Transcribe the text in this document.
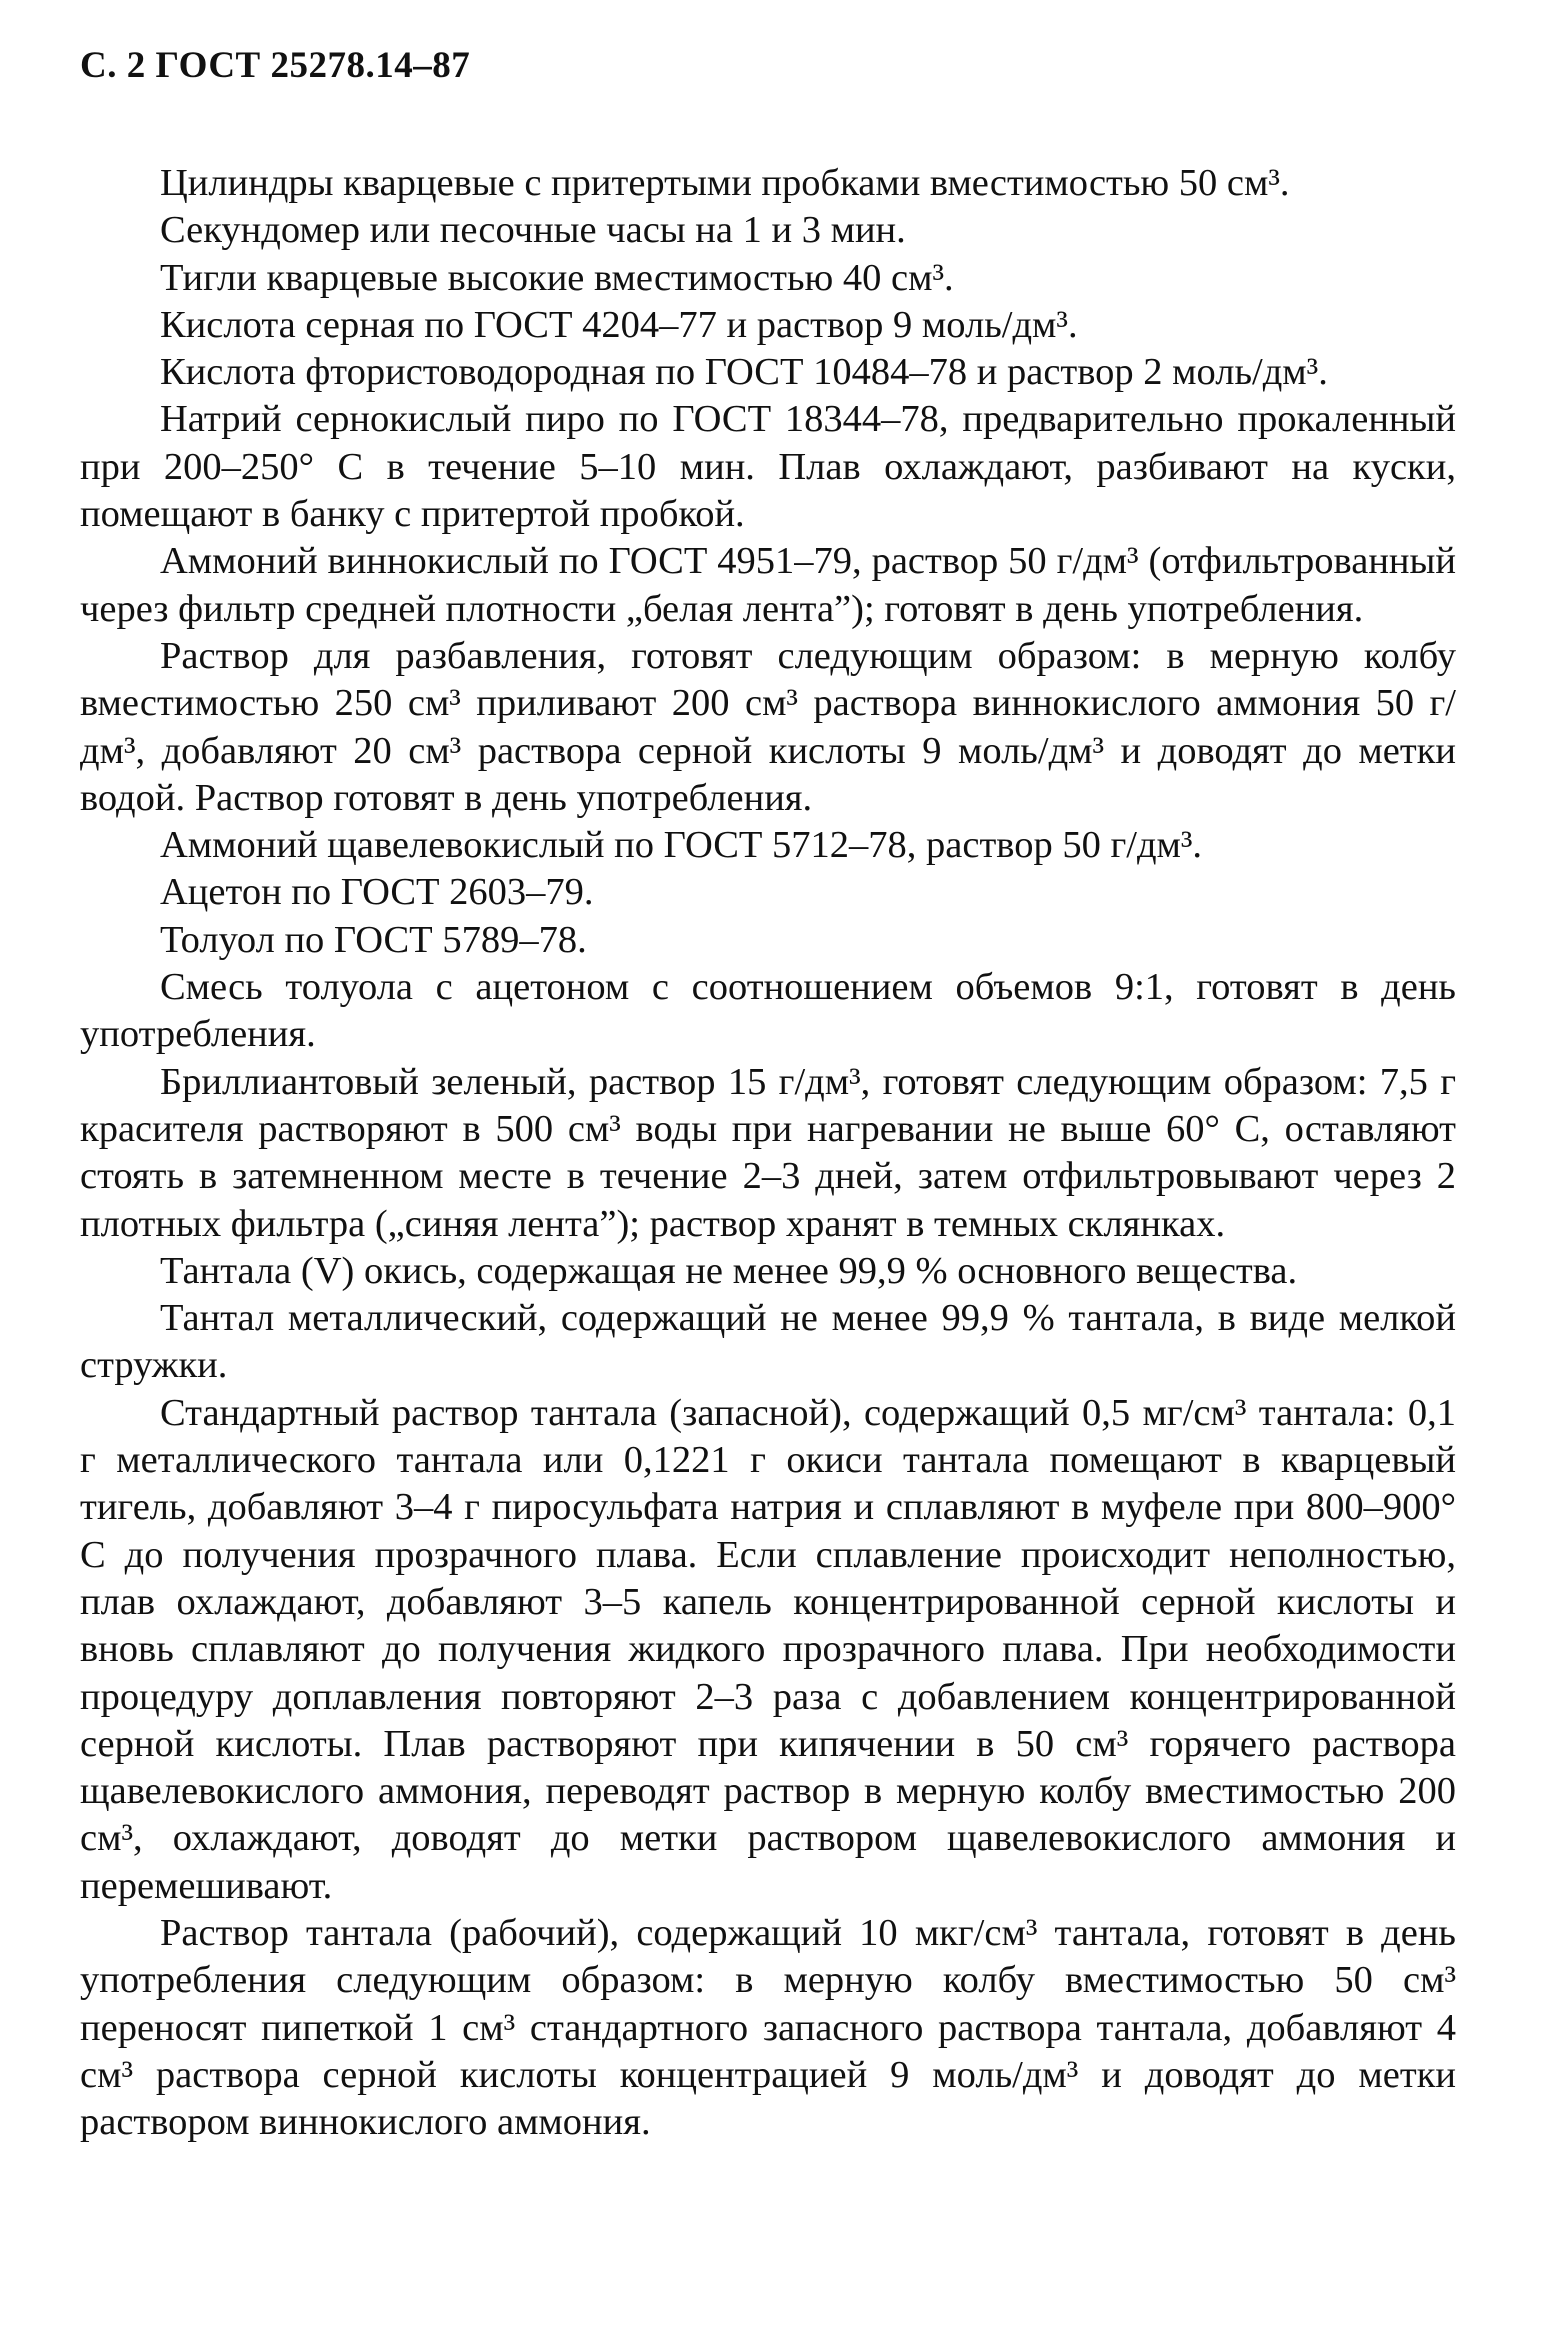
С. 2 ГОСТ 25278.14–87

Цилиндры кварцевые с притертыми пробками вместимостью 50 см³.

Секундомер или песочные часы на 1 и 3 мин.

Тигли кварцевые высокие вместимостью 40 см³.

Кислота серная по ГОСТ 4204–77 и раствор 9 моль/дм³.

Кислота фтористоводородная по ГОСТ 10484–78 и раствор 2 моль/дм³.

Натрий сернокислый пиро по ГОСТ 18344–78, предварительно прокаленный при 200–250° С в течение 5–10 мин. Плав охлаждают, разбивают на куски, помещают в банку с притертой пробкой.

Аммоний виннокислый по ГОСТ 4951–79, раствор 50 г/дм³ (отфильтрованный через фильтр средней плотности „белая лента”); готовят в день употребления.

Раствор для разбавления, готовят следующим образом: в мерную колбу вместимостью 250 см³ приливают 200 см³ раствора виннокислого аммония 50 г/дм³, добавляют 20 см³ раствора серной кислоты 9 моль/дм³ и доводят до метки водой. Раствор готовят в день употребления.

Аммоний щавелевокислый по ГОСТ 5712–78, раствор 50 г/дм³.

Ацетон по ГОСТ 2603–79.

Толуол по ГОСТ 5789–78.

Смесь толуола с ацетоном с соотношением объемов 9:1, готовят в день употребления.

Бриллиантовый зеленый, раствор 15 г/дм³, готовят следующим образом: 7,5 г красителя растворяют в 500 см³ воды при нагревании не выше 60° С, оставляют стоять в затемненном месте в течение 2–3 дней, затем отфильтровывают через 2 плотных фильтра („синяя лента”); раствор хранят в темных склянках.

Тантала (V) окись, содержащая не менее 99,9 % основного вещества.

Тантал металлический, содержащий не менее 99,9 % тантала, в виде мелкой стружки.

Стандартный раствор тантала (запасной), содержащий 0,5 мг/см³ тантала: 0,1 г металлического тантала или 0,1221 г окиси тантала помещают в кварцевый тигель, добавляют 3–4 г пиросульфата натрия и сплавляют в муфеле при 800–900° С до получения прозрачного плава. Если сплавление происходит неполностью, плав охлаждают, добавляют 3–5 капель концентрированной серной кислоты и вновь сплавляют до получения жидкого прозрачного плава. При необходимости процедуру доплавления повторяют 2–3 раза с добавлением концентрированной серной кислоты. Плав растворяют при кипячении в 50 см³ горячего раствора щавелевокислого аммония, переводят раствор в мерную колбу вместимостью 200 см³, охлаждают, доводят до метки раствором щавелевокислого аммония и перемешивают.

Раствор тантала (рабочий), содержащий 10 мкг/см³ тантала, готовят в день употребления следующим образом: в мерную колбу вместимостью 50 см³ переносят пипеткой 1 см³ стандартного запасного раствора тантала, добавляют 4 см³ раствора серной кислоты концентрацией 9 моль/дм³ и доводят до метки раствором виннокислого аммония.
